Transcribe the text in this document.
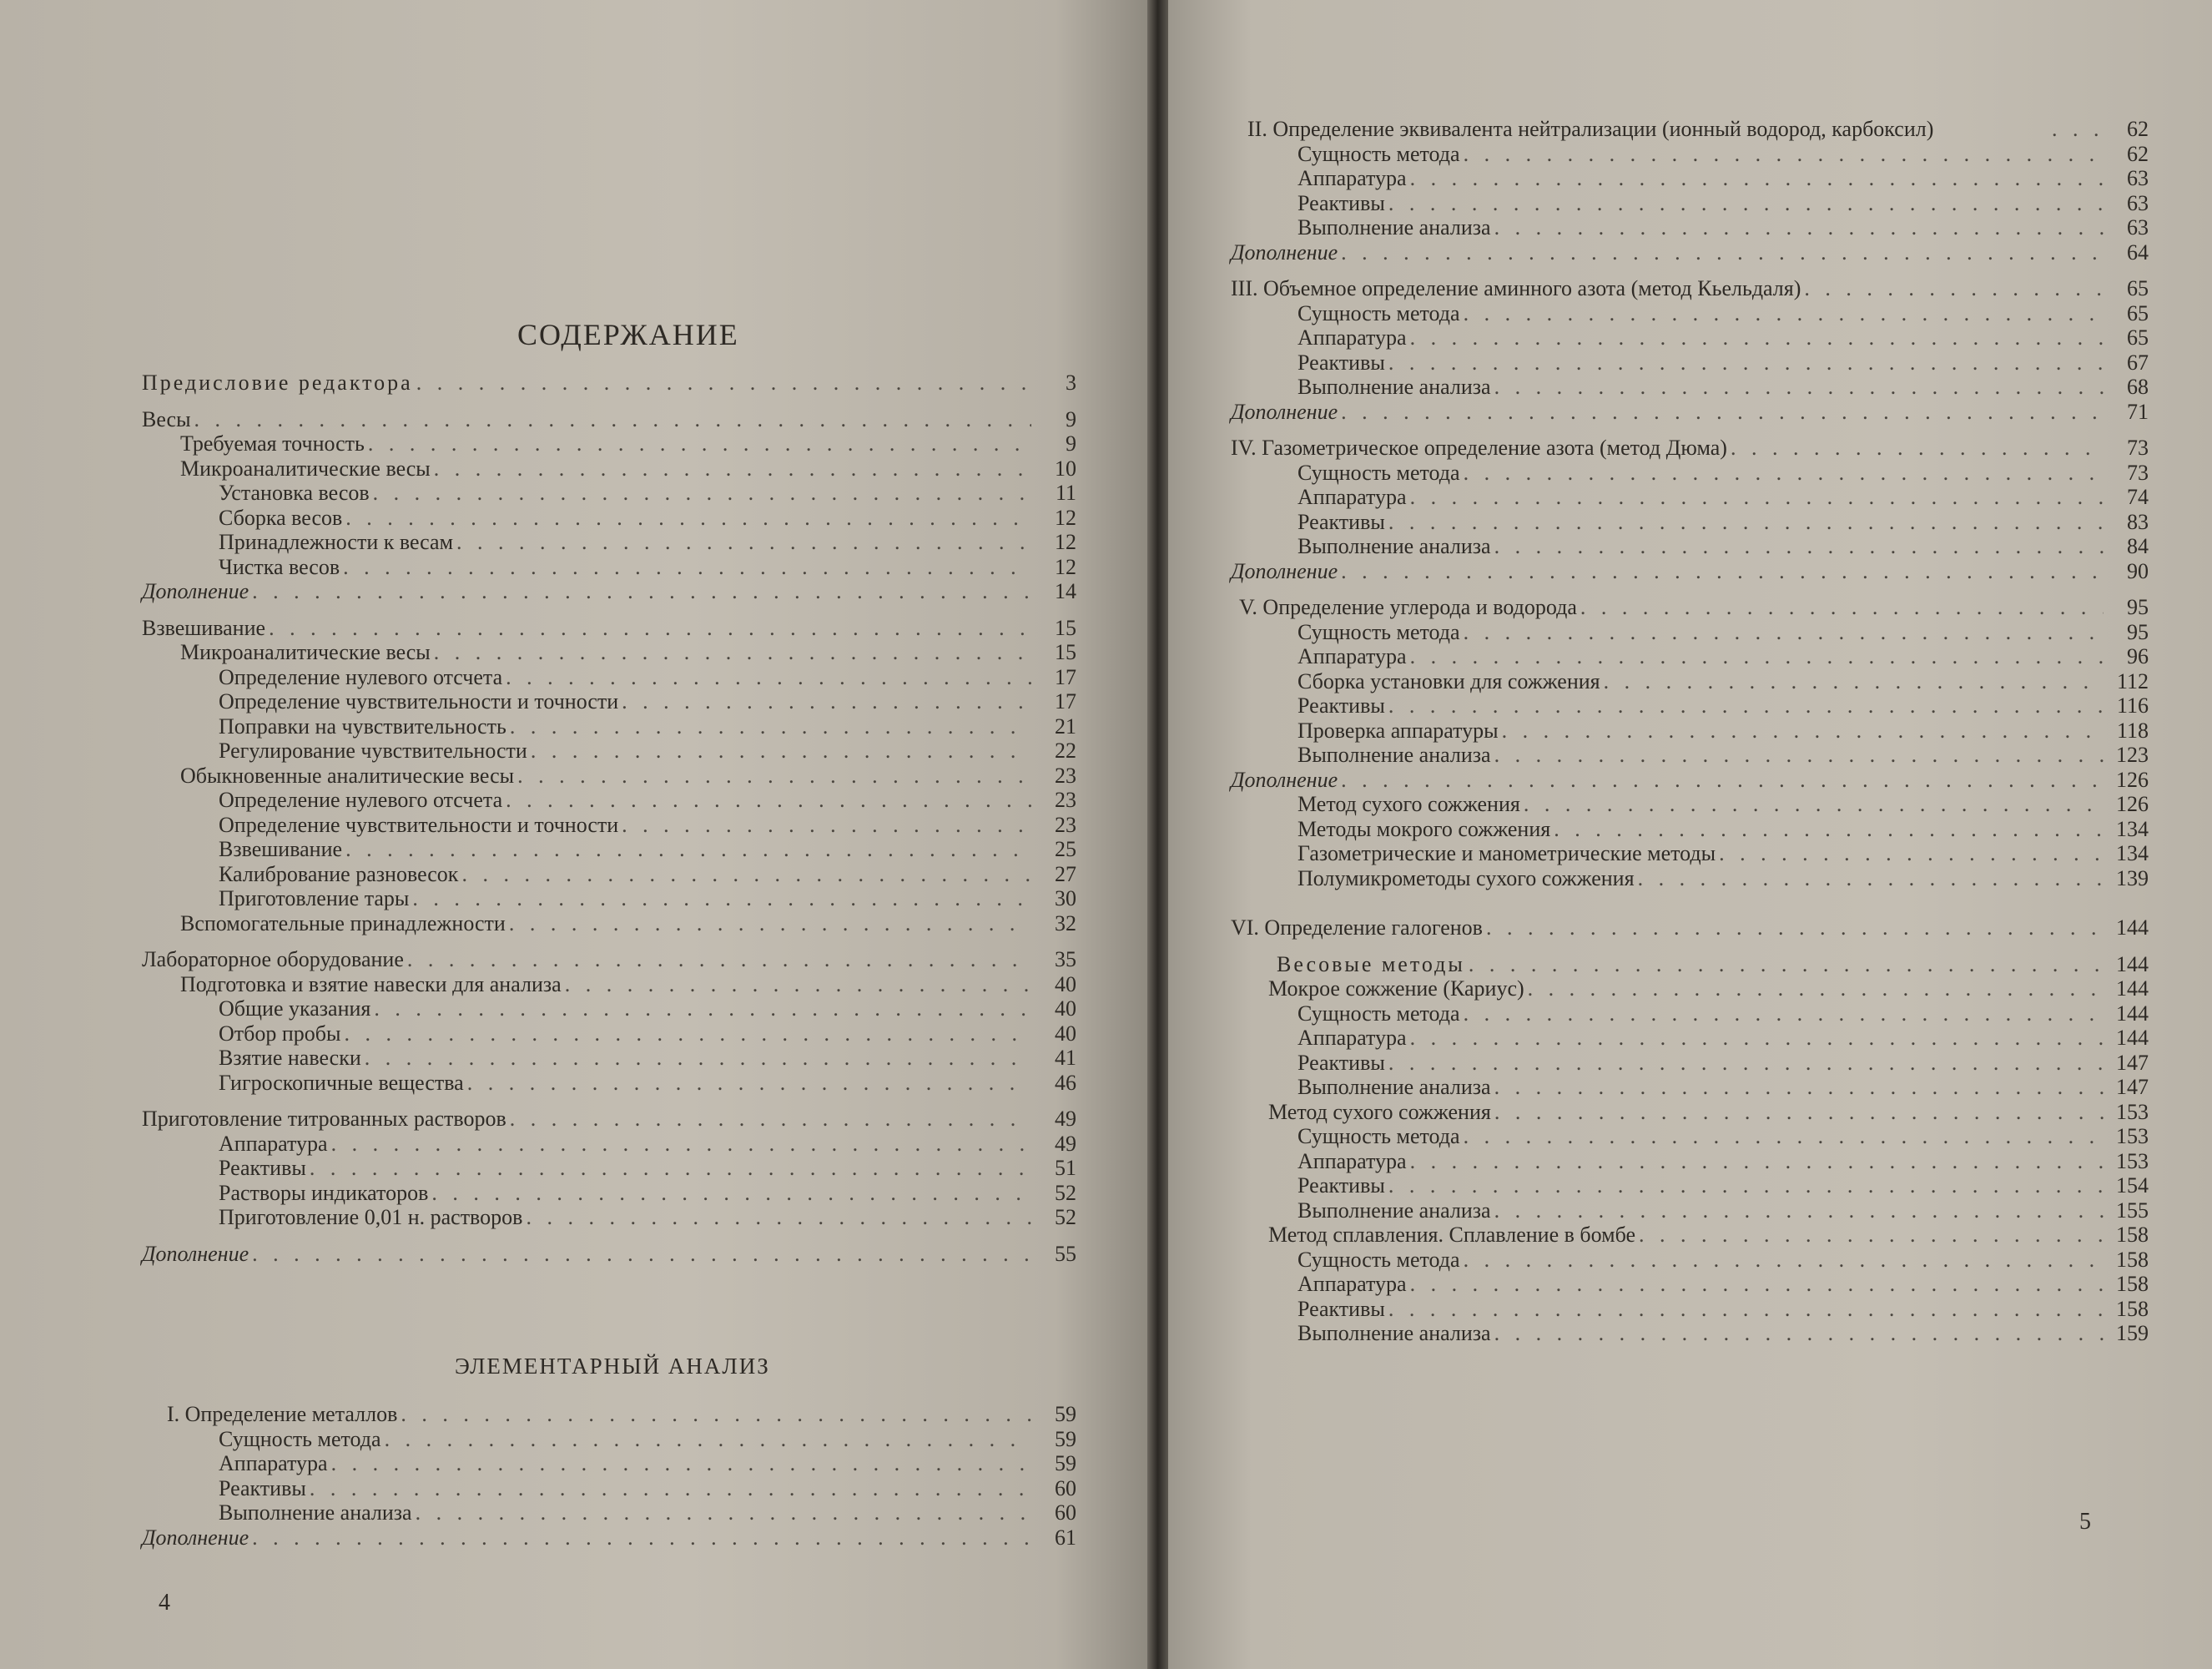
СОДЕРЖАНИЕ
Предисловие редактора . . .	3
Весы . . .	9
Требуемая точность . . .	9
Микроаналитические весы . . .	10
Установка весов . . .	11
Сборка весов . . .	12
Принадлежности к весам . . .	12
Чистка весов . . .	12
Дополнение . . .	14
Взвешивание . . .	15
Микроаналитические весы . . .	15
Определение нулевого отсчета . . .	17
Определение чувствительности и точности . . .	17
Поправки на чувствительность . . .	21
Регулирование чувствительности . . .	22
Обыкновенные аналитические весы . . .	23
Определение нулевого отсчета . . .	23
Определение чувствительности и точности . . .	23
Взвешивание . . .	25
Калибрование разновесок . . .	27
Приготовление тары . . .	30
Вспомогательные принадлежности . . .	32
Лабораторное оборудование . . .	35
Подготовка и взятие навески для анализа . . .	40
Общие указания . . .	40
Отбор пробы . . .	40
Взятие навески . . .	41
Гигроскопичные вещества . . .	46
Приготовление титрованных растворов . . .	49
Аппаратура . . .	49
Реактивы . . .	51
Растворы индикаторов . . .	52
Приготовление 0,01 н. растворов . . .	52
Дополнение . . .	55
ЭЛЕМЕНТАРНЫЙ АНАЛИЗ
I. Определение металлов . . .	59
Сущность метода . . .	59
Аппаратура . . .	59
Реактивы . . .	60
Выполнение анализа . . .	60
Дополнение . . .	61
4
II. Определение эквивалента нейтрализации (ионный водород, карбоксил) . . .	62
Сущность метода . . .	62
Аппаратура . . .	63
Реактивы . . .	63
Выполнение анализа . . .	63
Дополнение . . .	64
III. Объемное определение аминного азота (метод Кьельдаля) . . .	65
Сущность метода . . .	65
Аппаратура . . .	65
Реактивы . . .	67
Выполнение анализа . . .	68
Дополнение . . .	71
IV. Газометрическое определение азота (метод Дюма) . . .	73
Сущность метода . . .	73
Аппаратура . . .	74
Реактивы . . .	83
Выполнение анализа . . .	84
Дополнение . . .	90
V. Определение углерода и водорода . . .	95
Сущность метода . . .	95
Аппаратура . . .	96
Сборка установки для сожжения . . .	112
Реактивы . . .	116
Проверка аппаратуры . . .	118
Выполнение анализа . . .	123
Дополнение . . .	126
Метод сухого сожжения . . .	126
Методы мокрого сожжения . . .	134
Газометрические и манометрические методы . . .	134
Полумикрометоды сухого сожжения . . .	139
VI. Определение галогенов . . .	144
Весовые методы . . .	144
Мокрое сожжение (Кариус) . . .	144
Сущность метода . . .	144
Аппаратура . . .	144
Реактивы . . .	147
Выполнение анализа . . .	147
Метод сухого сожжения . . .	153
Сущность метода . . .	153
Аппаратура . . .	153
Реактивы . . .	154
Выполнение анализа . . .	155
Метод сплавления. Сплавление в бомбе . . .	158
Сущность метода . . .	158
Аппаратура . . .	158
Реактивы . . .	158
Выполнение анализа . . .	159
5
